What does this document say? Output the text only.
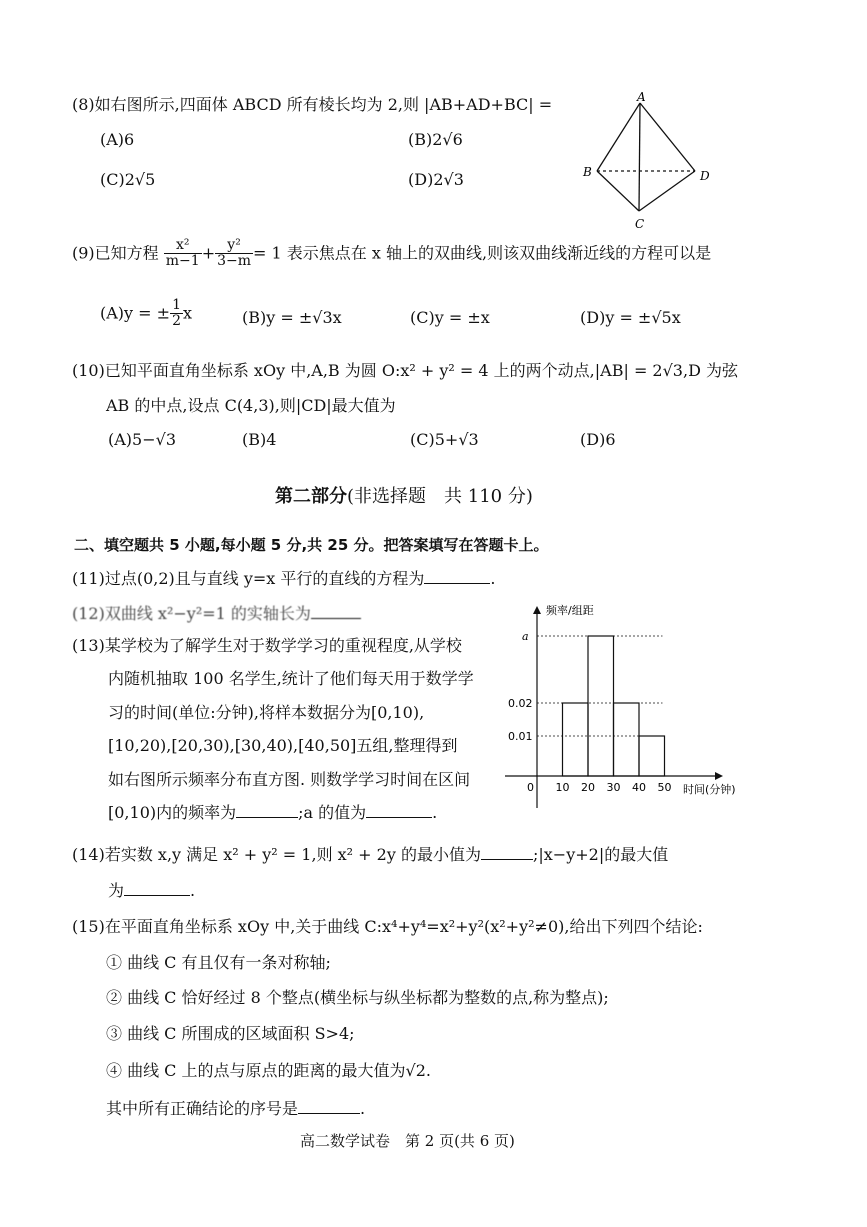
(8)如右图所示,四面体 ABCD 所有棱长均为 2,则 |AB+AD+BC| =
(A)6	(B)2√6
(C)2√5	(D)2√3
A
B
C
D
(9)已知方程 $\frac{\text{x²}}{m-1} + \frac{\text{y²}}{3-m} = 1$ 表示焦点在 x 轴上的双曲线,则该双曲线渐近线的方程可以是
(A)y = ± $\frac{1}{2}$ x	(B)y = ±√3x	(C)y = ±x	(D)y = ±√5x
(10)已知平面直角坐标系 xOy 中,A,B 为圆 O:x² + y² = 4 上的两个动点,|AB| = 2√3,D 为弦
AB 的中点,设点 C(4,3),则|CD|最大值为
(A)5−√3	(B)4	(C)5+√3	(D)6
第二部分(非选择题　共 110 分)
二、填空题共 5 小题,每小题 5 分,共 25 分。把答案填写在答题卡上。
(11)过点(0,2)且与直线 y=x 平行的直线的方程为	.
(12)双曲线 x²−y²=1 的实轴长为
(13)某学校为了解学生对于数学学习的重视程度,从学校
内随机抽取 100 名学生,统计了他们每天用于数学学
习的时间(单位:分钟),将样本数据分为[0,10),
[10,20),[20,30),[30,40),[40,50]五组,整理得到
如右图所示频率分布直方图. 则数学学习时间在区间
[0,10)内的频率为	;a 的值为	.
0 10 20 30 40 50
0.01
0.02
a
频率/组距
时间(分钟)
(14)若实数 x,y 满足 x² + y² = 1,则 x² + 2y 的最小值为	;|x−y+2|的最大值
为	.
(15)在平面直角坐标系 xOy 中,关于曲线 C:x⁴+y⁴=x²+y²(x²+y²≠0),给出下列四个结论:
① 曲线 C 有且仅有一条对称轴;
② 曲线 C 恰好经过 8 个整点(横坐标与纵坐标都为整数的点,称为整点);
③ 曲线 C 所围成的区域面积 S>4;
④ 曲线 C 上的点与原点的距离的最大值为√2.
其中所有正确结论的序号是	.
高二数学试卷　第 2 页(共 6 页)
